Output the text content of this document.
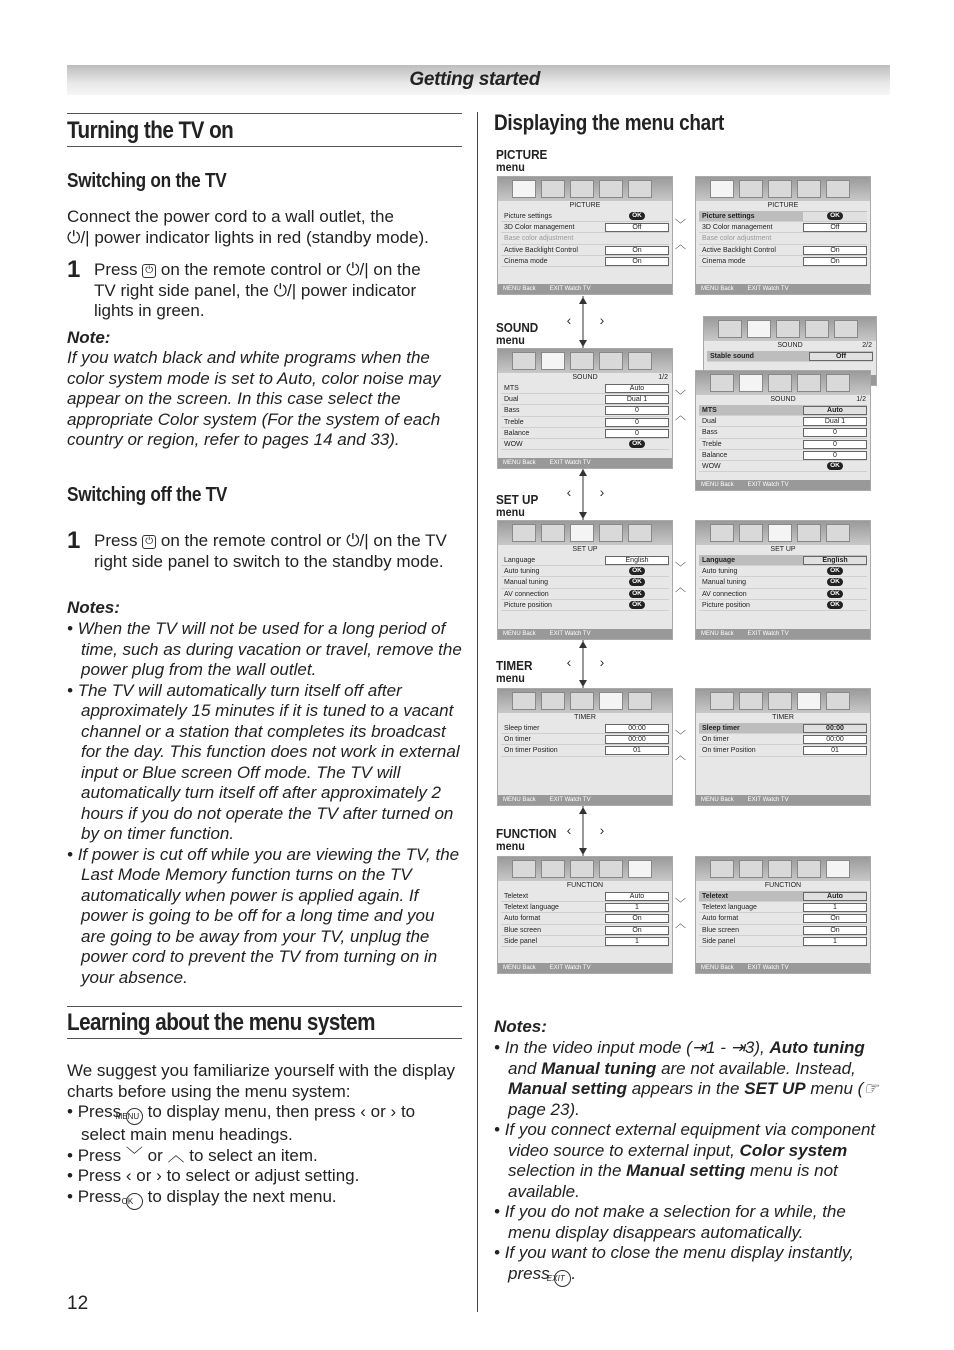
Getting started
Turning the TV on
Switching on the TV
Connect the power cord to a wall outlet, the
⏻/| power indicator lights in red (standby mode).
1 Press ⏻ on the remote control or ⏻/| on the
TV right side panel, the ⏻/| power indicator
lights in green.
Note:
If you watch black and white programs when the color system mode is set to Auto, color noise may appear on the screen. In this case select the appropriate Color system (For the system of each country or region, refer to pages 14 and 33).
Switching off the TV
1 Press ⏻ on the remote control or ⏻/| on the TV right side panel to switch to the standby mode.
Notes:
• When the TV will not be used for a long period of time, such as during vacation or travel, remove the power plug from the wall outlet.
• The TV will automatically turn itself off after approximately 15 minutes if it is tuned to a vacant channel or a station that completes its broadcast for the day. This function does not work in external input or Blue screen Off mode. The TV will automatically turn itself off after approximately 2 hours if you do not operate the TV after turned on by on timer function.
• If power is cut off while you are viewing the TV, the Last Mode Memory function turns on the TV automatically when power is applied again. If power is going to be off for a long time and you are going to be away from your TV, unplug the power cord to prevent the TV from turning on in your absence.
Learning about the menu system
We suggest you familiarize yourself with the display charts before using the menu system:
• Press MENU to display menu, then press ‹ or › to select main menu headings.
• Press ﹀ or ︿ to select an item.
• Press ‹ or › to select or adjust setting.
• Press OK to display the next menu.
12
Displaying the menu chart
PICTURE
menu
SOUND
menu
SET UP
menu
TIMER
menu
FUNCTION
menu
‹	›
‹	›
‹	›
‹	›
﹀
︿
﹀
︿
﹀
︿
﹀
︿
﹀
︿
PICTURE
Picture settings	OK
3D Color management	Off
Base color adjustment
Active Backlight Control	On
Cinema mode	On
MENU Back EXIT Watch TV
PICTURE
Picture settings	OK
3D Color management	Off
Base color adjustment
Active Backlight Control	On
Cinema mode	On
MENU Back EXIT Watch TV
SOUND	1/2
MTS	Auto
Dual	Dual 1
Bass	0
Treble	0
Balance	0
WOW	OK
MENU Back EXIT Watch TV
SOUND	2/2
Stable sound	Off
SOUND	1/2
MTS	Auto
Dual	Dual 1
Bass	0
Treble	0
Balance	0
WOW	OK
MENU Back EXIT Watch TV
SET UP
Language	English
Auto tuning	OK
Manual tuning	OK
AV connection	OK
Picture position	OK
MENU Back EXIT Watch TV
SET UP
Language	English
Auto tuning	OK
Manual tuning	OK
AV connection	OK
Picture position	OK
MENU Back EXIT Watch TV
TIMER
Sleep timer	00:00
On timer	00:00
On timer Position	01
MENU Back EXIT Watch TV
TIMER
Sleep timer	00:00
On timer	00:00
On timer Position	01
MENU Back EXIT Watch TV
FUNCTION
Teletext	Auto
Teletext language	1
Auto format	On
Blue screen	On
Side panel	1
MENU Back EXIT Watch TV
FUNCTION
Teletext	Auto
Teletext language	1
Auto format	On
Blue screen	On
Side panel	1
MENU Back EXIT Watch TV
Notes:
• In the video input mode (⇥1 - ⇥3), Auto tuning and Manual tuning are not available. Instead, Manual setting appears in the SET UP menu (☞ page 23).
• If you connect external equipment via component video source to external input, Color system selection in the Manual setting menu is not available.
• If you do not make a selection for a while, the menu display disappears automatically.
• If you want to close the menu display instantly, press EXIT .
